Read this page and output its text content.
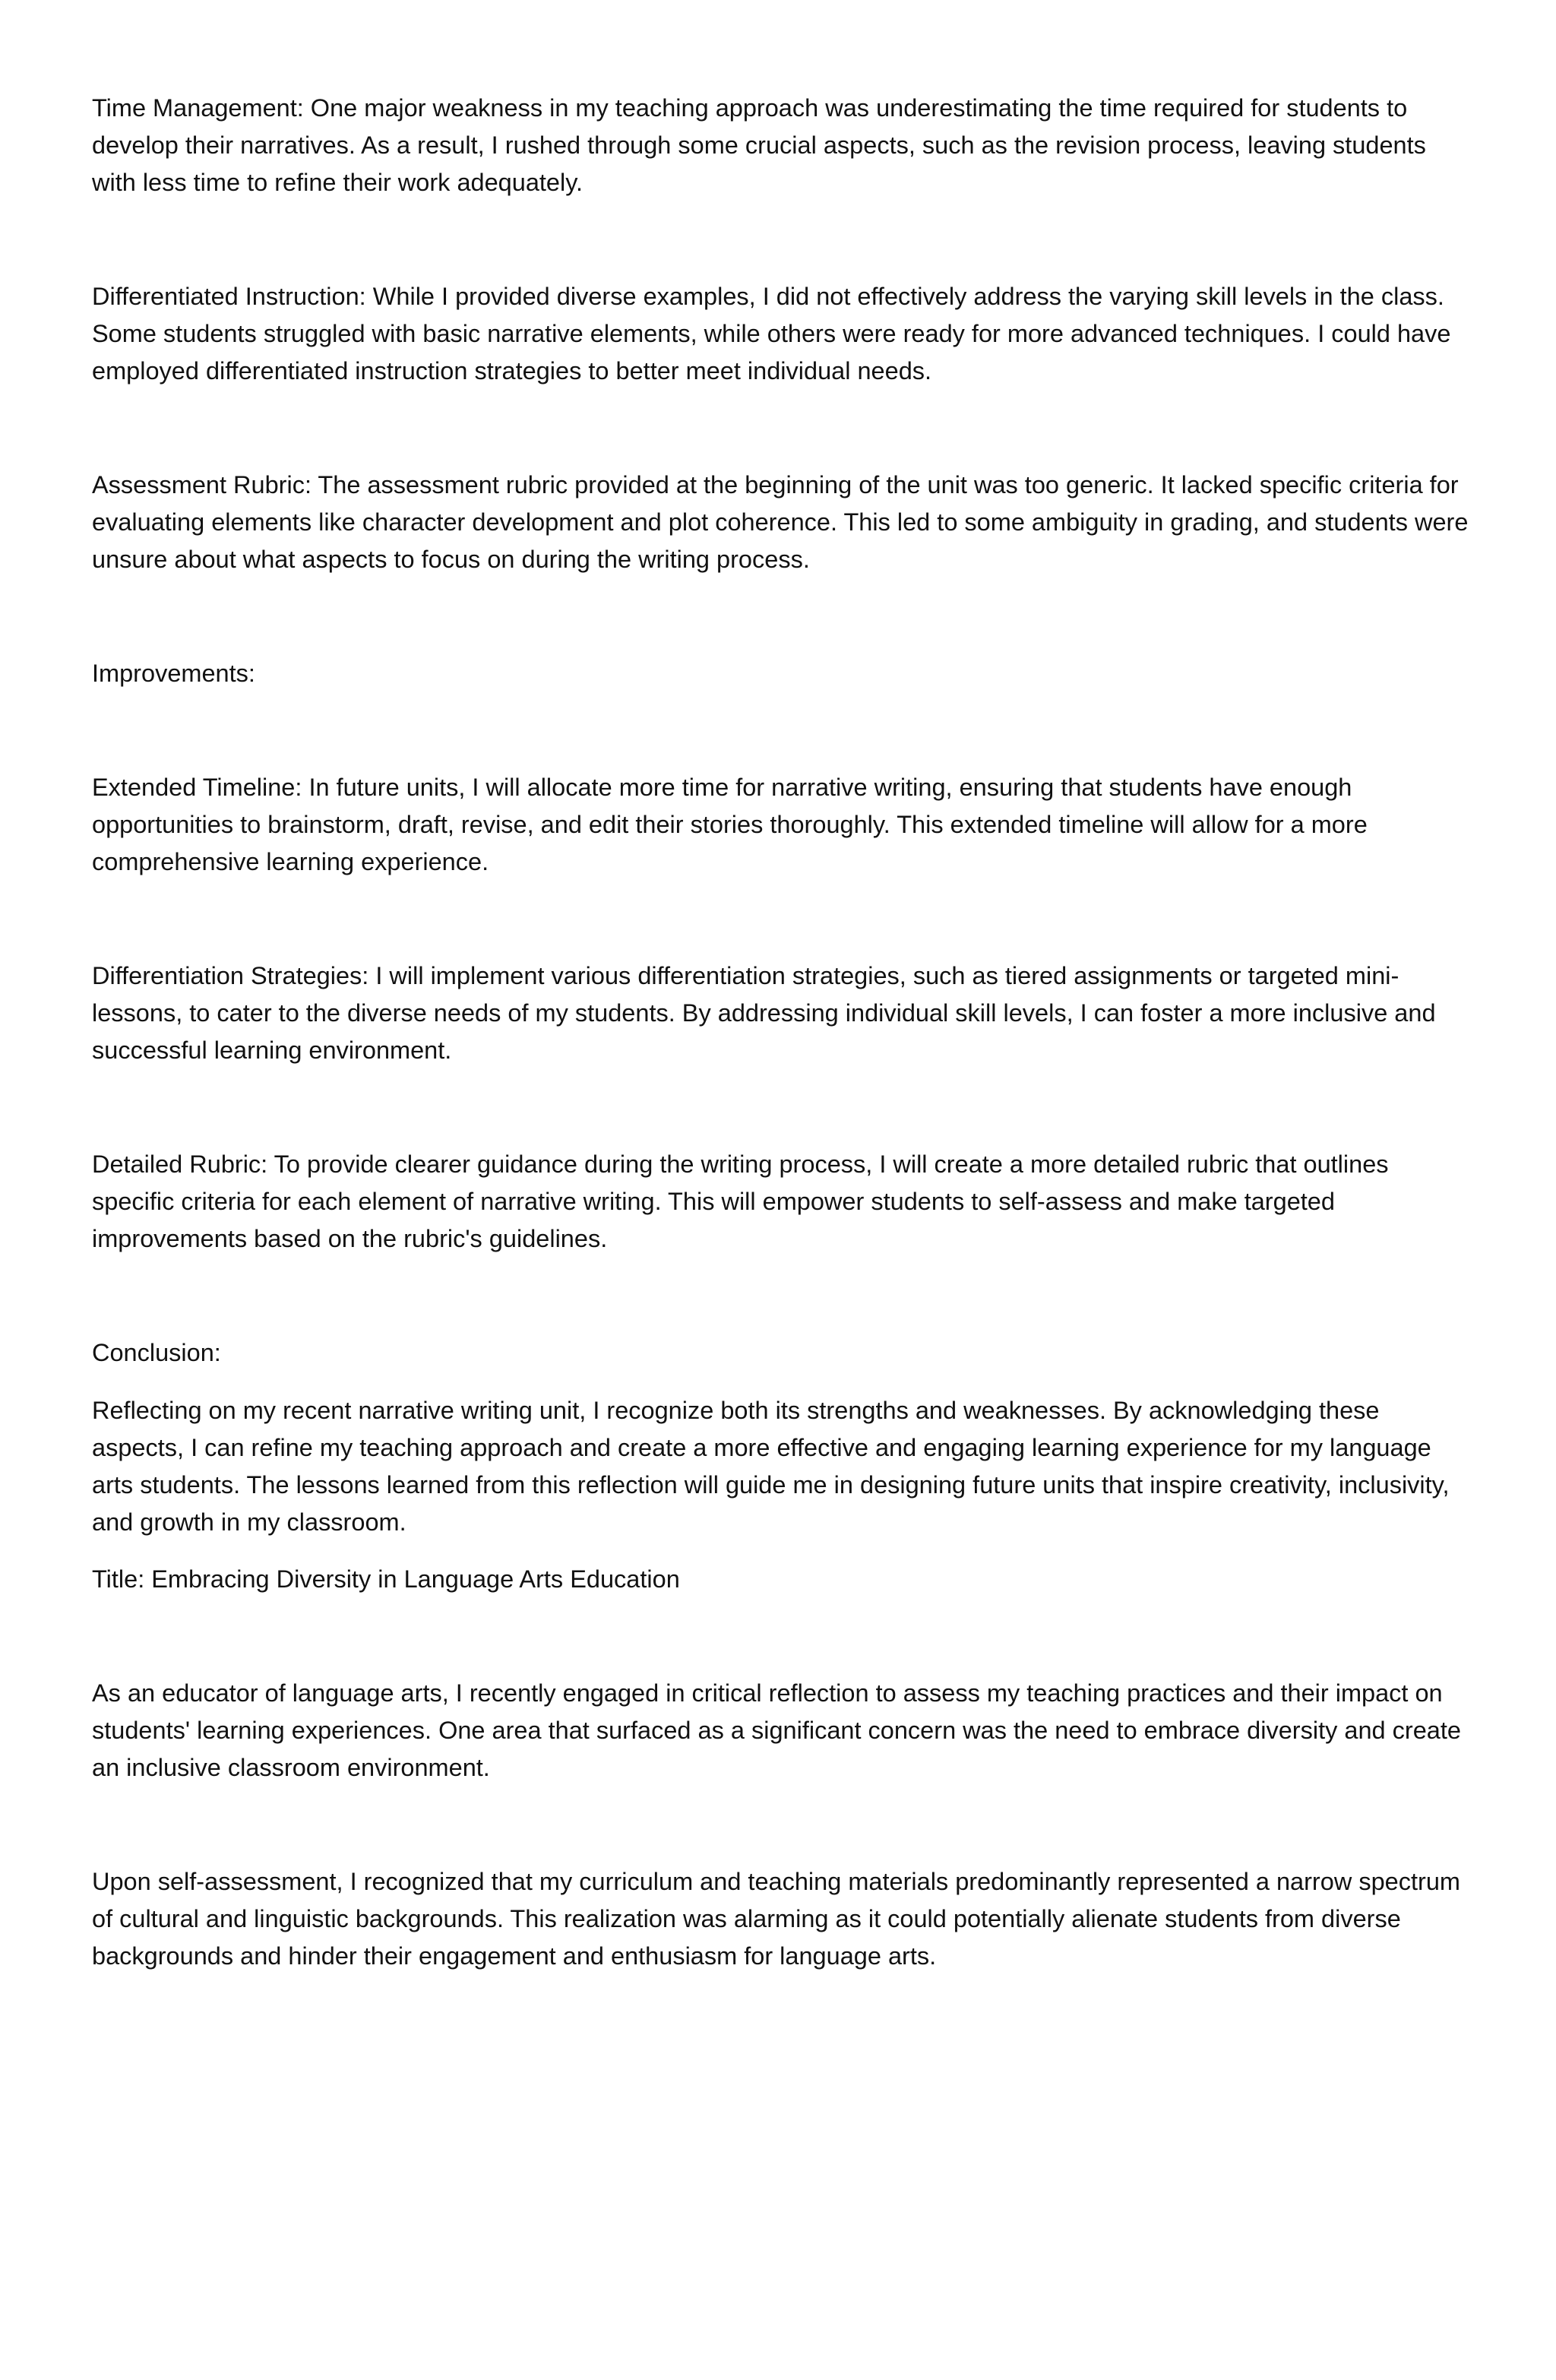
Time Management: One major weakness in my teaching approach was underestimating the time required for students to develop their narratives. As a result, I rushed through some crucial aspects, such as the revision process, leaving students with less time to refine their work adequately.

Differentiated Instruction: While I provided diverse examples, I did not effectively address the varying skill levels in the class. Some students struggled with basic narrative elements, while others were ready for more advanced techniques. I could have employed differentiated instruction strategies to better meet individual needs.

Assessment Rubric: The assessment rubric provided at the beginning of the unit was too generic. It lacked specific criteria for evaluating elements like character development and plot coherence. This led to some ambiguity in grading, and students were unsure about what aspects to focus on during the writing process.

Improvements:

Extended Timeline: In future units, I will allocate more time for narrative writing, ensuring that students have enough opportunities to brainstorm, draft, revise, and edit their stories thoroughly. This extended timeline will allow for a more comprehensive learning experience.

Differentiation Strategies: I will implement various differentiation strategies, such as tiered assignments or targeted mini-lessons, to cater to the diverse needs of my students. By addressing individual skill levels, I can foster a more inclusive and successful learning environment.

Detailed Rubric: To provide clearer guidance during the writing process, I will create a more detailed rubric that outlines specific criteria for each element of narrative writing. This will empower students to self-assess and make targeted improvements based on the rubric's guidelines.

Conclusion:

Reflecting on my recent narrative writing unit, I recognize both its strengths and weaknesses. By acknowledging these aspects, I can refine my teaching approach and create a more effective and engaging learning experience for my language arts students. The lessons learned from this reflection will guide me in designing future units that inspire creativity, inclusivity, and growth in my classroom.

Title: Embracing Diversity in Language Arts Education

As an educator of language arts, I recently engaged in critical reflection to assess my teaching practices and their impact on students' learning experiences. One area that surfaced as a significant concern was the need to embrace diversity and create an inclusive classroom environment.

Upon self-assessment, I recognized that my curriculum and teaching materials predominantly represented a narrow spectrum of cultural and linguistic backgrounds. This realization was alarming as it could potentially alienate students from diverse backgrounds and hinder their engagement and enthusiasm for language arts.
